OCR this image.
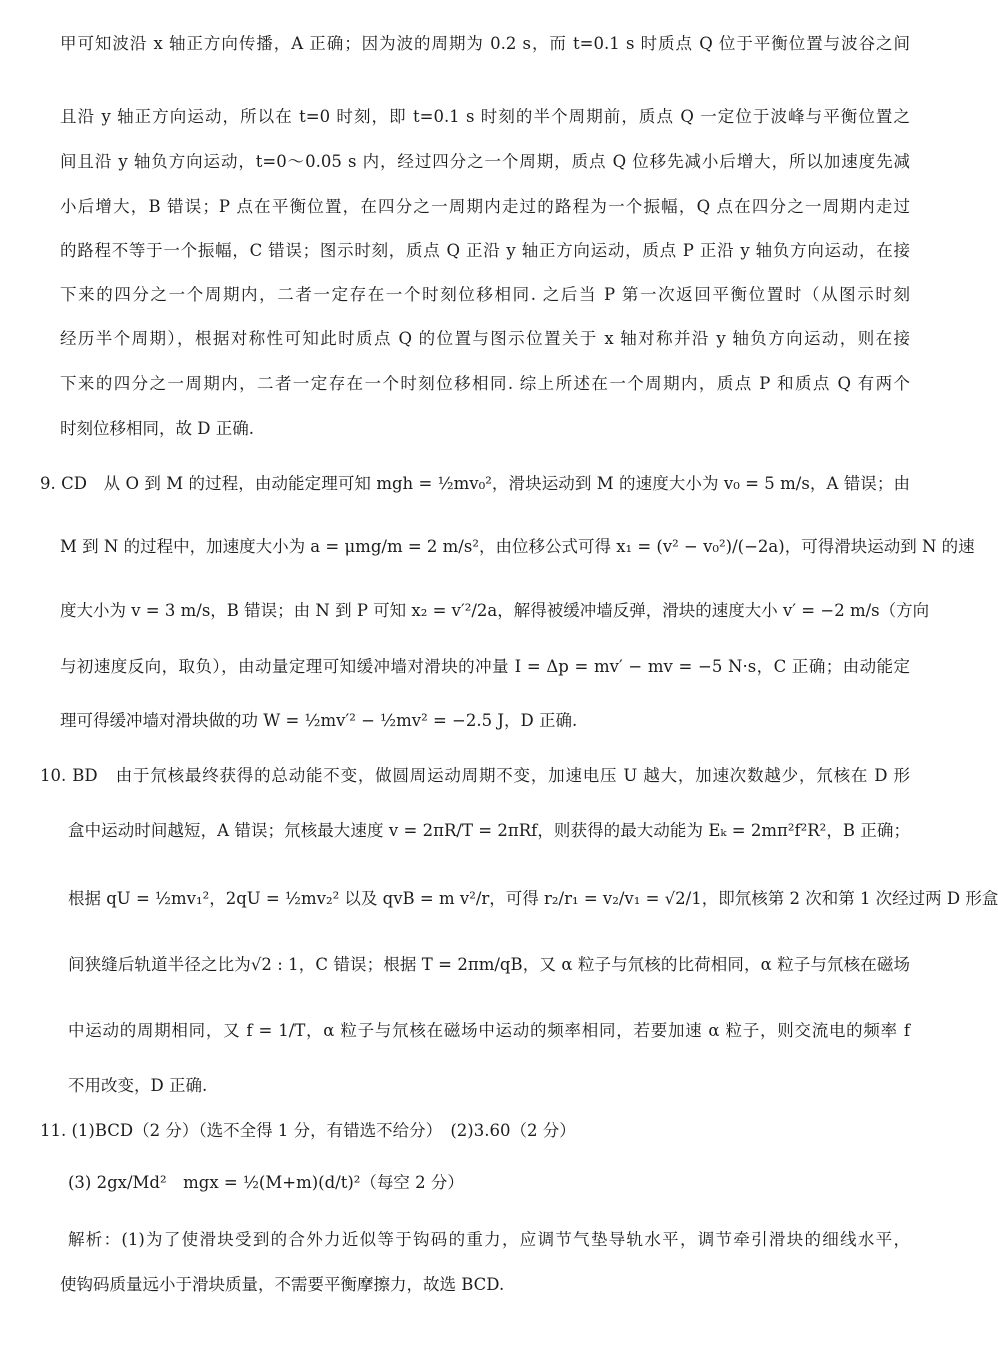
甲可知波沿 x 轴正方向传播，A 正确；因为波的周期为 0.2 s，而 t=0.1 s 时质点 Q 位于平衡位置与波谷之间
且沿 y 轴正方向运动，所以在 t=0 时刻，即 t=0.1 s 时刻的半个周期前，质点 Q 一定位于波峰与平衡位置之
间且沿 y 轴负方向运动，t=0～0.05 s 内，经过四分之一个周期，质点 Q 位移先减小后增大，所以加速度先减
小后增大，B 错误；P 点在平衡位置，在四分之一周期内走过的路程为一个振幅，Q 点在四分之一周期内走过
的路程不等于一个振幅，C 错误；图示时刻，质点 Q 正沿 y 轴正方向运动，质点 P 正沿 y 轴负方向运动，在接
下来的四分之一个周期内，二者一定存在一个时刻位移相同. 之后当 P 第一次返回平衡位置时（从图示时刻
经历半个周期），根据对称性可知此时质点 Q 的位置与图示位置关于 x 轴对称并沿 y 轴负方向运动，则在接
下来的四分之一周期内，二者一定存在一个时刻位移相同. 综上所述在一个周期内，质点 P 和质点 Q 有两个
时刻位移相同，故 D 正确.
9. CD　从 O 到 M 的过程，由动能定理可知 mgh = ½mv₀²，滑块运动到 M 的速度大小为 v₀ = 5 m/s，A 错误；由
M 到 N 的过程中，加速度大小为 a = μmg/m = 2 m/s²，由位移公式可得 x₁ = (v² − v₀²)/(−2a)，可得滑块运动到 N 的速
度大小为 v = 3 m/s，B 错误；由 N 到 P 可知 x₂ = v′²/2a，解得被缓冲墙反弹，滑块的速度大小 v′ = −2 m/s（方向
与初速度反向，取负），由动量定理可知缓冲墙对滑块的冲量 I = Δp = mv′ − mv = −5 N·s，C 正确；由动能定
理可得缓冲墙对滑块做的功 W = ½mv′² − ½mv² = −2.5 J，D 正确.
10. BD　由于氘核最终获得的总动能不变，做圆周运动周期不变，加速电压 U 越大，加速次数越少，氘核在 D 形
盒中运动时间越短，A 错误；氘核最大速度 v = 2πR/T = 2πRf，则获得的最大动能为 Eₖ = 2mπ²f²R²，B 正确；
根据 qU = ½mv₁²，2qU = ½mv₂² 以及 qvB = m v²/r，可得 r₂/r₁ = v₂/v₁ = √2/1，即氘核第 2 次和第 1 次经过两 D 形盒
间狭缝后轨道半径之比为√2 : 1，C 错误；根据 T = 2πm/qB，又 α 粒子与氘核的比荷相同，α 粒子与氘核在磁场
中运动的周期相同，又 f = 1/T，α 粒子与氘核在磁场中运动的频率相同，若要加速 α 粒子，则交流电的频率 f
不用改变，D 正确.
11. (1)BCD（2 分）（选不全得 1 分，有错选不给分）　(2)3.60（2 分）
(3) 2gx/Md²　mgx = ½(M+m)(d/t)²（每空 2 分）
解析：(1)为了使滑块受到的合外力近似等于钩码的重力，应调节气垫导轨水平，调节牵引滑块的细线水平，
使钩码质量远小于滑块质量，不需要平衡摩擦力，故选 BCD.
